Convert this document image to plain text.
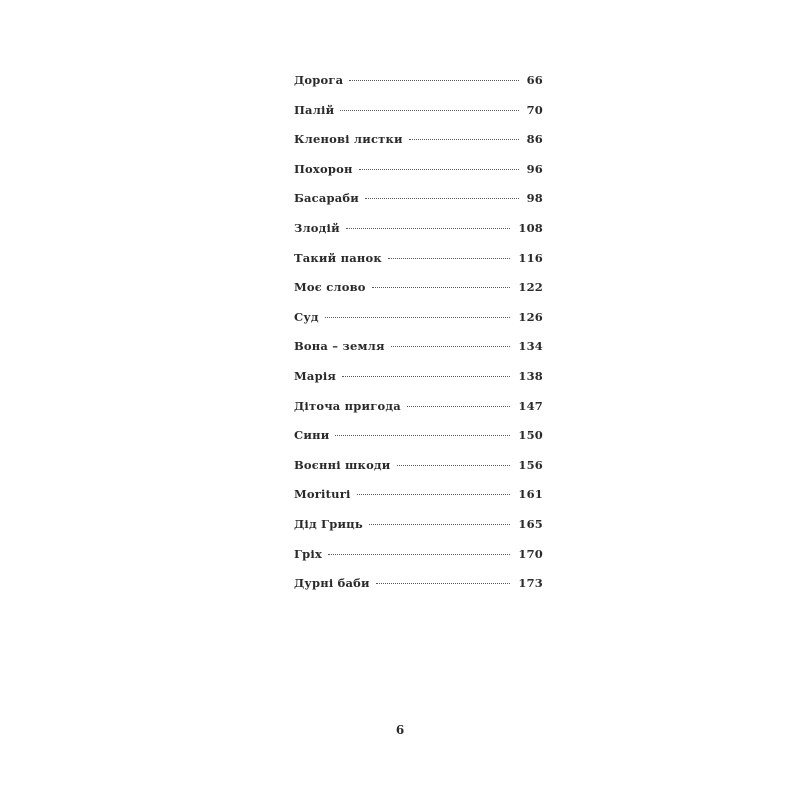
Дорога	66
Палій	70
Кленові листки	86
Похорон	96
Басараби	98
Злодій	108
Такий панок	116
Моє слово	122
Суд	126
Вона – земля	134
Марія	138
Діточа пригода	147
Сини	150
Воєнні шкоди	156
Moriturі	161
Дід Гриць	165
Гріх	170
Дурні баби	173
6
